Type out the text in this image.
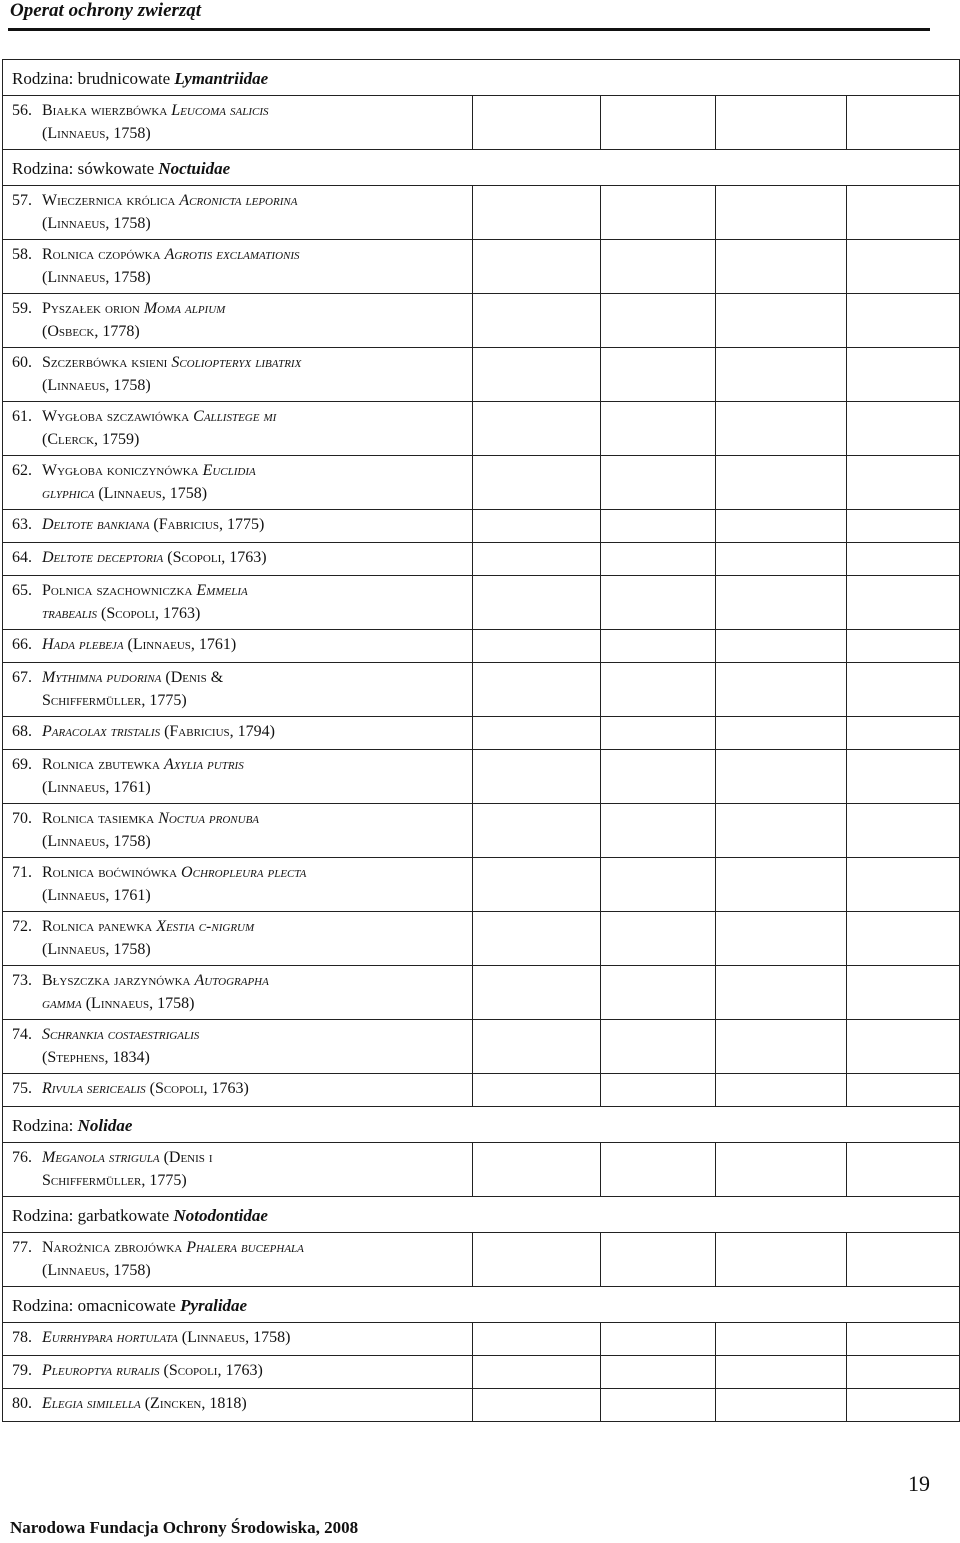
Operat ochrony zwierząt
Rodzina: brudnicowate Lymantriidae				
56. Białka wierzbówka Leucoma salicis
(Linnaeus, 1758)				
Rodzina: sówkowate Noctuidae				
57. Wieczernica królica Acronicta leporina
(Linnaeus, 1758)				
58. Rolnica czopówka Agrotis exclamationis
(Linnaeus, 1758)				
59. Pyszałek orion Moma alpium
(Osbeck, 1778)				
60. Szczerbówka ksieni Scoliopteryx libatrix
(Linnaeus, 1758)				
61. Wygłoba szczawiówka Callistege mi
(Clerck, 1759)				
62. Wygłoba koniczynówka Euclidia
glyphica (Linnaeus, 1758)				
63. Deltote bankiana (Fabricius, 1775)				
64. Deltote deceptoria (Scopoli, 1763)				
65. Polnica szachowniczka Emmelia
trabealis (Scopoli, 1763)				
66. Hada plebeja (Linnaeus, 1761)				
67. Mythimna pudorina (Denis &
Schiffermüller, 1775)				
68. Paracolax tristalis (Fabricius, 1794)				
69. Rolnica zbutewka Axylia putris
(Linnaeus, 1761)				
70. Rolnica tasiemka Noctua pronuba
(Linnaeus, 1758)				
71. Rolnica boćwinówka Ochropleura plecta
(Linnaeus, 1761)				
72. Rolnica panewka Xestia c-nigrum
(Linnaeus, 1758)				
73. Błyszczka jarzynówka Autographa
gamma (Linnaeus, 1758)				
74. Schrankia costaestrigalis
(Stephens, 1834)				
75. Rivula sericealis (Scopoli, 1763)				
Rodzina: Nolidae				
76. Meganola strigula (Denis i
Schiffermüller, 1775)				
Rodzina: garbatkowate Notodontidae				
77. Narożnica zbrojówka Phalera bucephala
(Linnaeus, 1758)				
Rodzina: omacnicowate Pyralidae				
78. Eurrhypara hortulata (Linnaeus, 1758)				
79. Pleuroptya ruralis (Scopoli, 1763)				
80. Elegia similella (Zincken, 1818)				
19
Narodowa Fundacja Ochrony Środowiska, 2008
